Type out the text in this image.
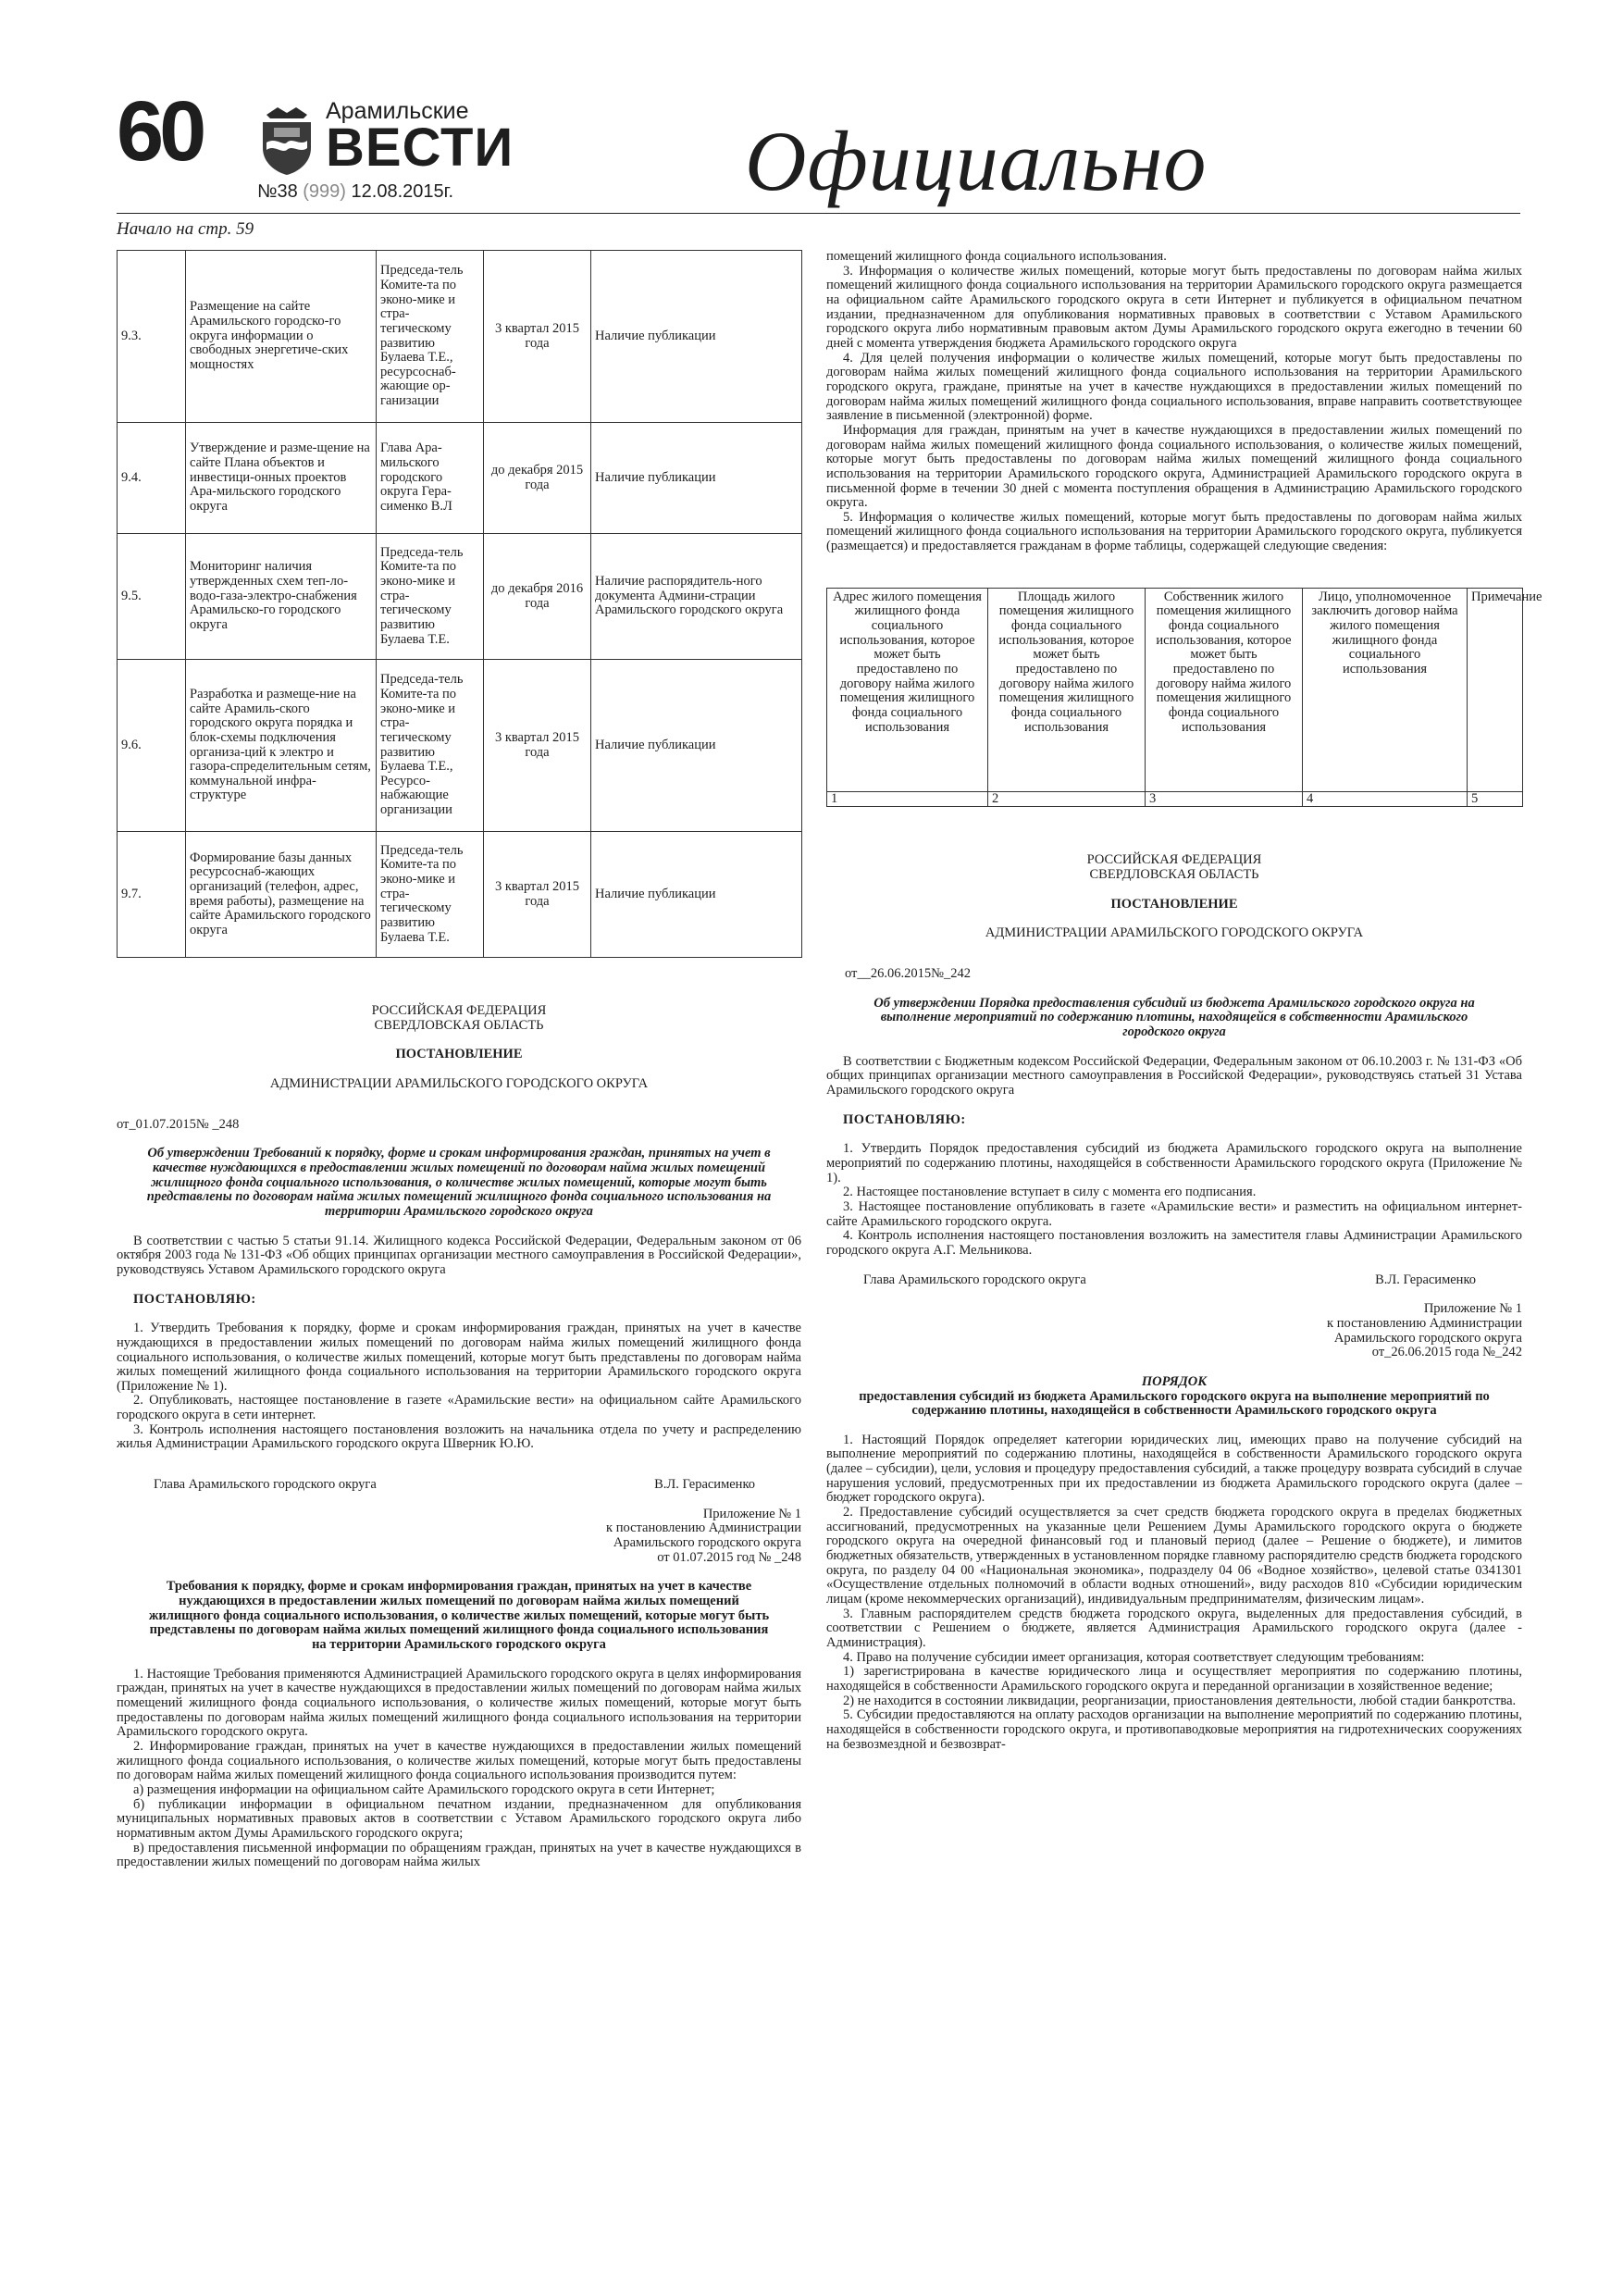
60	Арамильские
ВЕСТИ
№38 (999) 12.08.2015г.	Официально
Начало на стр. 59
9.3.	Размещение на сайте Арамильского городско-го округа информации о свободных энергетиче-ских мощностях	Председа-тель Комите-та по эконо-мике и стра-тегическому развитию Булаева Т.Е., ресурсоснаб-жающие ор-ганизации	3 квартал 2015 года	Наличие публикации
9.4.	Утверждение и разме-щение на сайте Плана объектов и инвестици-онных проектов Ара-мильского городского округа	Глава Ара-мильского городского округа Гера-сименко В.Л	до декабря 2015 года	Наличие публикации
9.5.	Мониторинг наличия утвержденных схем теп-ло-водо-газа-электро-снабжения Арамильско-го городского округа	Председа-тель Комите-та по эконо-мике и стра-тегическому развитию Булаева Т.Е.	до декабря 2016 года	Наличие распорядитель-ного документа Админи-страции Арамильского городского округа
9.6.	Разработка и размеще-ние на сайте Арамиль-ского городского округа порядка и блок-схемы подключения организа-ций к электро и газора-спределительным сетям, коммунальной инфра-структуре	Председа-тель Комите-та по эконо-мике и стра-тегическому развитию Булаева Т.Е., Ресурсо-набжающие организации	3 квартал 2015 года	Наличие публикации
9.7.	Формирование базы данных ресурсоснаб-жающих организаций (телефон, адрес, время работы), размещение на сайте Арамильского городского округа	Председа-тель Комите-та по эконо-мике и стра-тегическому развитию Булаева Т.Е.	3 квартал 2015 года	Наличие публикации

РОССИЙСКАЯ ФЕДЕРАЦИЯ

СВЕРДЛОВСКАЯ ОБЛАСТЬ

ПОСТАНОВЛЕНИЕ

АДМИНИСТРАЦИИ АРАМИЛЬСКОГО ГОРОДСКОГО ОКРУГА

от_01.07.2015№ _248

Об утверждении Требований к порядку, форме и срокам информирования граждан, принятых на учет в качестве нуждающихся в предоставлении жилых помещений по договорам найма жилых помещений жилищного фонда социального использования, о количестве жилых помещений, которые могут быть представлены по договорам найма жилых помещений жилищного фонда социального использования на территории Арамильского городского округа

В соответствии с частью 5 статьи 91.14. Жилищного кодекса Российской Федерации, Федеральным законом от 06 октября 2003 года № 131-ФЗ «Об общих принципах организации местного самоуправления в Российской Федерации», руководствуясь Уставом Арамильского городского округа

ПОСТАНОВЛЯЮ:

1. Утвердить Требования к порядку, форме и срокам информирования граждан, принятых на учет в качестве нуждающихся в предоставлении жилых помещений по договорам найма жилых помещений жилищного фонда социального использования, о количестве жилых помещений, которые могут быть представлены по договорам найма жилых помещений жилищного фонда социального использования на территории Арамильского городского округа (Приложение № 1).

2. Опубликовать, настоящее постановление в газете «Арамильские вести» на официальном сайте Арамильского городского округа в сети интернет.

3. Контроль исполнения настоящего постановления возложить на начальника отдела по учету и распределению жилья Администрации Арамильского городского округа Шверник Ю.Ю.

Глава Арамильского городского округа	В.Л. Герасименко

Приложение № 1

к постановлению Администрации

Арамильского городского округа

от 01.07.2015 год № _248

Требования к порядку, форме и срокам информирования граждан, принятых на учет в качестве нуждающихся в предоставлении жилых помещений по договорам найма жилых помещений жилищного фонда социального использования, о количестве жилых помещений, которые могут быть представлены по договорам найма жилых помещений жилищного фонда социального использования на территории Арамильского городского округа

1. Настоящие Требования применяются Администрацией Арамильского городского округа в целях информирования граждан, принятых на учет в качестве нуждающихся в предоставлении жилых помещений по договорам найма жилых помещений жилищного фонда социального использования, о количестве жилых помещений, которые могут быть предоставлены по договорам найма жилых помещений жилищного фонда социального использования на территории Арамильского городского округа.

2. Информирование граждан, принятых на учет в качестве нуждающихся в предоставлении жилых помещений жилищного фонда социального использования, о количестве жилых помещений, которые могут быть предоставлены по договорам найма жилых помещений жилищного фонда социального использования производится путем:

а) размещения информации на официальном сайте Арамильского городского округа в сети Интернет;

б) публикации информации в официальном печатном издании, предназначенном для опубликования муниципальных нормативных правовых актов в соответствии с Уставом Арамильского городского округа либо нормативным актом Думы Арамильского городского округа;

в) предоставления письменной информации по обращениям граждан, принятых на учет в качестве нуждающихся в предоставлении жилых помещений по договорам найма жилых

помещений жилищного фонда социального использования.

3. Информация о количестве жилых помещений, которые могут быть предоставлены по договорам найма жилых помещений жилищного фонда социального использования на территории Арамильского городского округа размещается на официальном сайте Арамильского городского округа в сети Интернет и публикуется в официальном печатном издании, предназначенном для опубликования нормативных правовых в соответствии с Уставом Арамильского городского округа либо нормативным правовым актом Думы Арамильского городского округа ежегодно в течении 60 дней с момента утверждения бюджета Арамильского городского округа

4. Для целей получения информации о количестве жилых помещений, которые могут быть предоставлены по договорам найма жилых помещений жилищного фонда социального использования на территории Арамильского городского округа, граждане, принятые на учет в качестве нуждающихся в предоставлении жилых помещений по договорам найма жилых помещений жилищного фонда социального использования, вправе направить соответствующее заявление в письменной (электронной) форме.

Информация для граждан, принятым на учет в качестве нуждающихся в предоставлении жилых помещений по договорам найма жилых помещений жилищного фонда социального использования, о количестве жилых помещений, которые могут быть предоставлены по договорам найма жилых помещений жилищного фонда социального использования на территории Арамильского городского округа, Администрацией Арамильского городского округа в письменной форме в течении 30 дней с момента поступления обращения в Администрацию Арамильского городского округа.

5. Информация о количестве жилых помещений, которые могут быть предоставлены по договорам найма жилых помещений жилищного фонда социального использования на территории Арамильского городского округа, публикуется (размещается) и предоставляется гражданам в форме таблицы, содержащей следующие сведения:

Адрес жилого помещения жилищного фонда социального использования, которое может быть предоставлено по договору найма жилого помещения жилищного фонда социального использования	Площадь жилого помещения жилищного фонда социального использования, которое может быть предоставлено по договору найма жилого помещения жилищного фонда социального использования	Собственник жилого помещения жилищного фонда социального использования, которое может быть предоставлено по договору найма жилого помещения жилищного фонда социального использования	Лицо, уполномоченное заключить договор найма жилого помещения жилищного фонда социального использования	Примечание
1	2	3	4	5

РОССИЙСКАЯ ФЕДЕРАЦИЯ

СВЕРДЛОВСКАЯ ОБЛАСТЬ

ПОСТАНОВЛЕНИЕ

АДМИНИСТРАЦИИ АРАМИЛЬСКОГО ГОРОДСКОГО ОКРУГА

от__26.06.2015№_242

Об утверждении Порядка предоставления субсидий из бюджета Арамильского городского округа на выполнение мероприятий по содержанию плотины, находящейся в собственности Арамильского городского округа

В соответствии с Бюджетным кодексом Российской Федерации, Федеральным законом от 06.10.2003 г. № 131-ФЗ «Об общих принципах организации местного самоуправления в Российской Федерации», руководствуясь статьей 31 Устава Арамильского городского округа

ПОСТАНОВЛЯЮ:

1. Утвердить Порядок предоставления субсидий из бюджета Арамильского городского округа на выполнение мероприятий по содержанию плотины, находящейся в собственности Арамильского городского округа (Приложение № 1).

2. Настоящее постановление вступает в силу с момента его подписания.

3. Настоящее постановление опубликовать в газете «Арамильские вести» и разместить на официальном интернет-сайте Арамильского городского округа.

4. Контроль исполнения настоящего постановления возложить на заместителя главы Администрации Арамильского городского округа А.Г. Мельникова.

Глава Арамильского городского округа	В.Л. Герасименко

Приложение № 1

к постановлению Администрации

Арамильского городского округа

от_26.06.2015 года №_242

ПОРЯДОК

предоставления субсидий из бюджета Арамильского городского округа на выполнение мероприятий по содержанию плотины, находящейся в собственности Арамильского городского округа

1. Настоящий Порядок определяет категории юридических лиц, имеющих право на получение субсидий на выполнение мероприятий по содержанию плотины, находящейся в собственности Арамильского городского округа (далее – субсидии), цели, условия и процедуру предоставления субсидий, а также процедуру возврата субсидий в случае нарушения условий, предусмотренных при их предоставлении из бюджета Арамильского городского округа (далее – бюджет городского округа).

2. Предоставление субсидий осуществляется за счет средств бюджета городского округа в пределах бюджетных ассигнований, предусмотренных на указанные цели Решением Думы Арамильского городского округа о бюджете городского округа на очередной финансовый год и плановый период (далее – Решение о бюджете), и лимитов бюджетных обязательств, утвержденных в установленном порядке главному распорядителю средств бюджета городского округа, по разделу 04 00 «Национальная экономика», подразделу 04 06 «Водное хозяйство», целевой статье 0341301 «Осуществление отдельных полномочий в области водных отношений», виду расходов 810 «Субсидии юридическим лицам (кроме некоммерческих организаций), индивидуальным предпринимателям, физическим лицам».

3. Главным распорядителем средств бюджета городского округа, выделенных для предоставления субсидий, в соответствии с Решением о бюджете, является Администрация Арамильского городского округа (далее - Администрация).

4. Право на получение субсидии имеет организация, которая соответствует следующим требованиям:

1) зарегистрирована в качестве юридического лица и осуществляет мероприятия по содержанию плотины, находящейся в собственности Арамильского городского округа и переданной организации в хозяйственное ведение;

2) не находится в состоянии ликвидации, реорганизации, приостановления деятельности, любой стадии банкротства.

5. Субсидии предоставляются на оплату расходов организации на выполнение мероприятий по содержанию плотины, находящейся в собственности городского округа, и противопаводковые мероприятия на гидротехнических сооружениях на безвозмездной и безвозврат-
